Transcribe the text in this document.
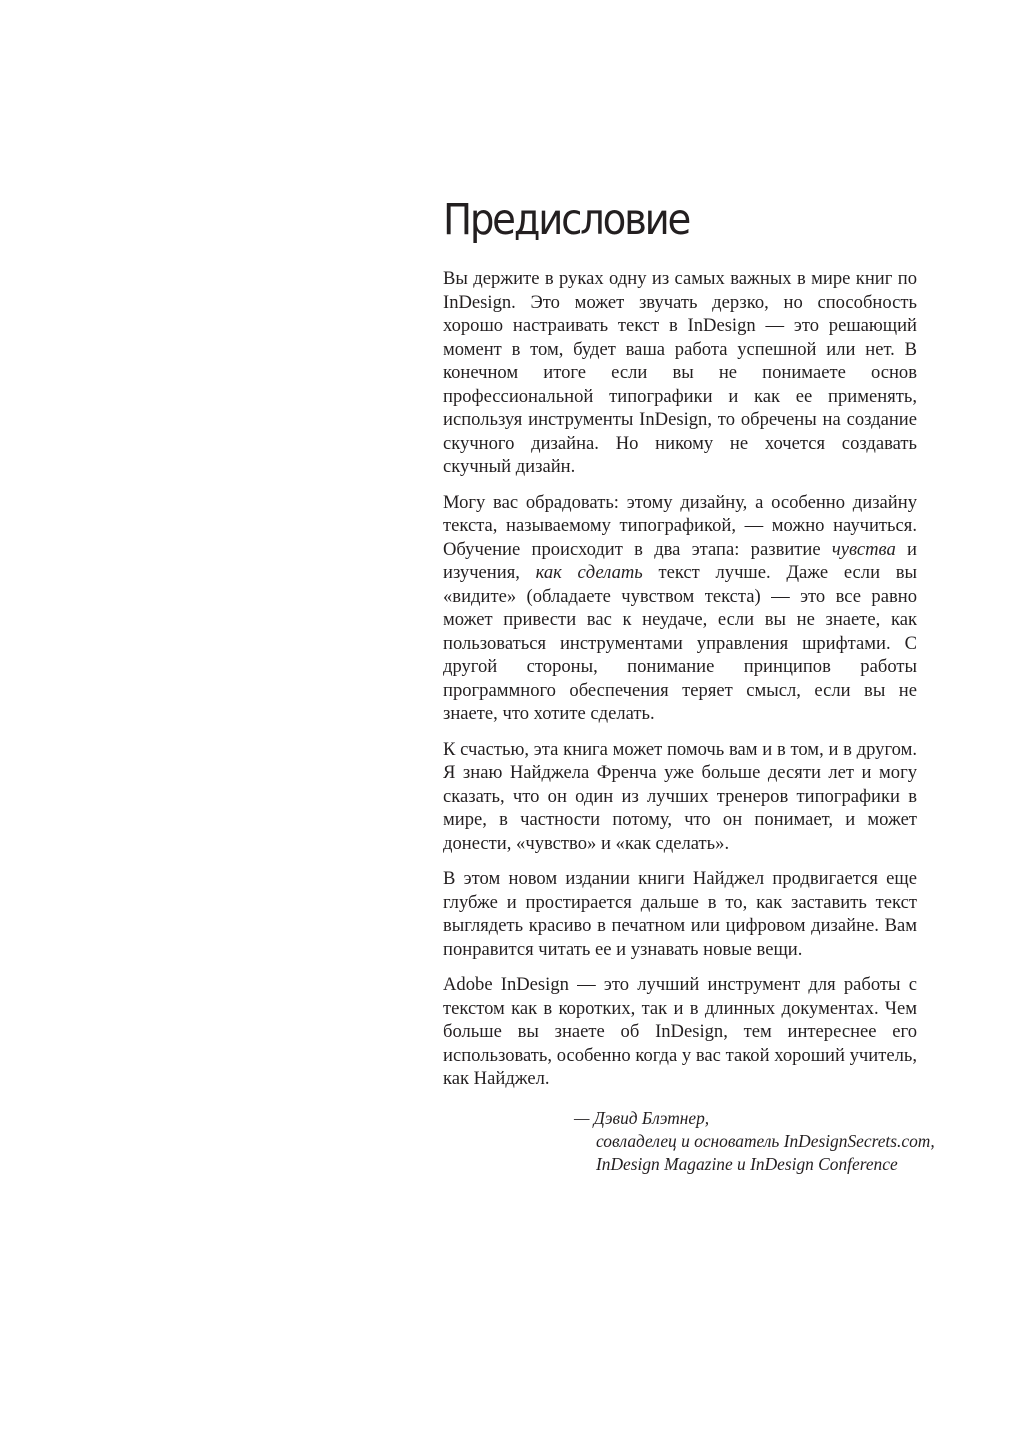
Предисловие

Вы держите в руках одну из самых важных в мире книг по InDesign. Это может звучать дерзко, но способность хорошо настраивать текст в InDesign — это решающий момент в том, будет ваша работа успешной или нет. В конечном итоге если вы не понимаете основ профессиональной типографики и как ее применять, используя инструменты InDesign, то обречены на создание скучного дизайна. Но никому не хочется создавать скучный дизайн.

Могу вас обрадовать: этому дизайну, а особенно дизайну текста, называемому типографикой, — можно научиться. Обучение происходит в два этапа: развитие чувства и изучения, как сделать текст лучше. Даже если вы «видите» (обладаете чувством текста) — это все равно может привести вас к неудаче, если вы не знаете, как пользоваться инструментами управления шрифтами. С другой стороны, понимание принципов работы программного обеспечения теряет смысл, если вы не знаете, что хотите сделать.

К счастью, эта книга может помочь вам и в том, и в другом. Я знаю Найджела Френча уже больше десяти лет и могу сказать, что он один из лучших тренеров типографики в мире, в частности потому, что он понимает, и может донести, «чувство» и «как сделать».

В этом новом издании книги Найджел продвигается еще глубже и простирается дальше в то, как заставить текст выглядеть красиво в печатном или цифровом дизайне. Вам понравится читать ее и узнавать новые вещи.

Adobe InDesign — это лучший инструмент для работы с текстом как в коротких, так и в длинных документах. Чем больше вы знаете об InDesign, тем интереснее его использовать, особенно когда у вас такой хороший учитель, как Найджел.

— Дэвид Блэтнер,
совладелец и основатель InDesignSecrets.com,
InDesign Magazine и InDesign Conference
